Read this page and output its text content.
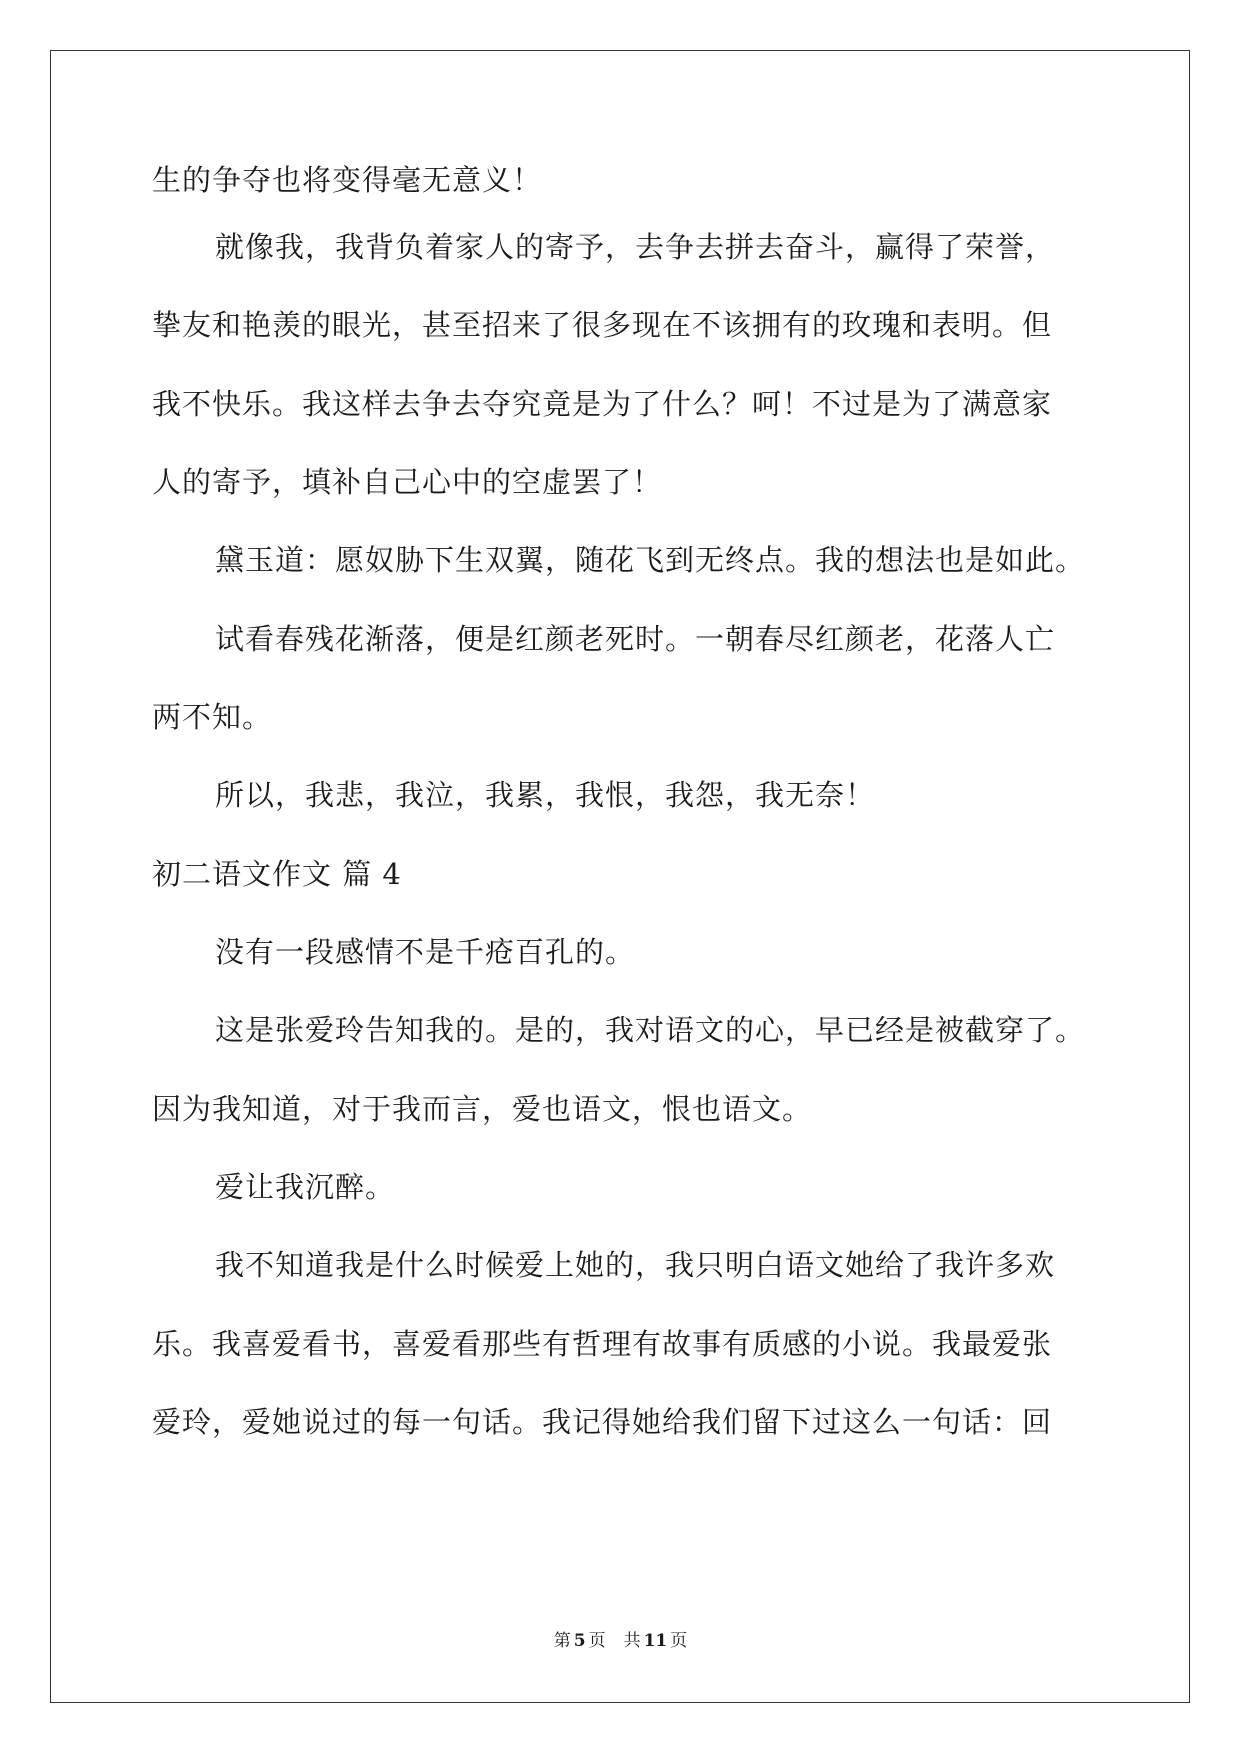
生的争夺也将变得毫无意义！
就像我，我背负着家人的寄予，去争去拼去奋斗，赢得了荣誉，
挚友和艳羡的眼光，甚至招来了很多现在不该拥有的玫瑰和表明。但
我不快乐。我这样去争去夺究竟是为了什么？呵！不过是为了满意家
人的寄予，填补自己心中的空虚罢了！
黛玉道：愿奴胁下生双翼，随花飞到无终点。我的想法也是如此。
试看春残花渐落，便是红颜老死时。一朝春尽红颜老，花落人亡
两不知。
所以，我悲，我泣，我累，我恨，我怨，我无奈！
初二语文作文 篇 4
没有一段感情不是千疮百孔的。
这是张爱玲告知我的。是的，我对语文的心，早已经是被截穿了。
因为我知道，对于我而言，爱也语文，恨也语文。
爱让我沉醉。
我不知道我是什么时候爱上她的，我只明白语文她给了我许多欢
乐。我喜爱看书，喜爱看那些有哲理有故事有质感的小说。我最爱张
爱玲，爱她说过的每一句话。我记得她给我们留下过这么一句话：回
第 5 页 共 11 页
